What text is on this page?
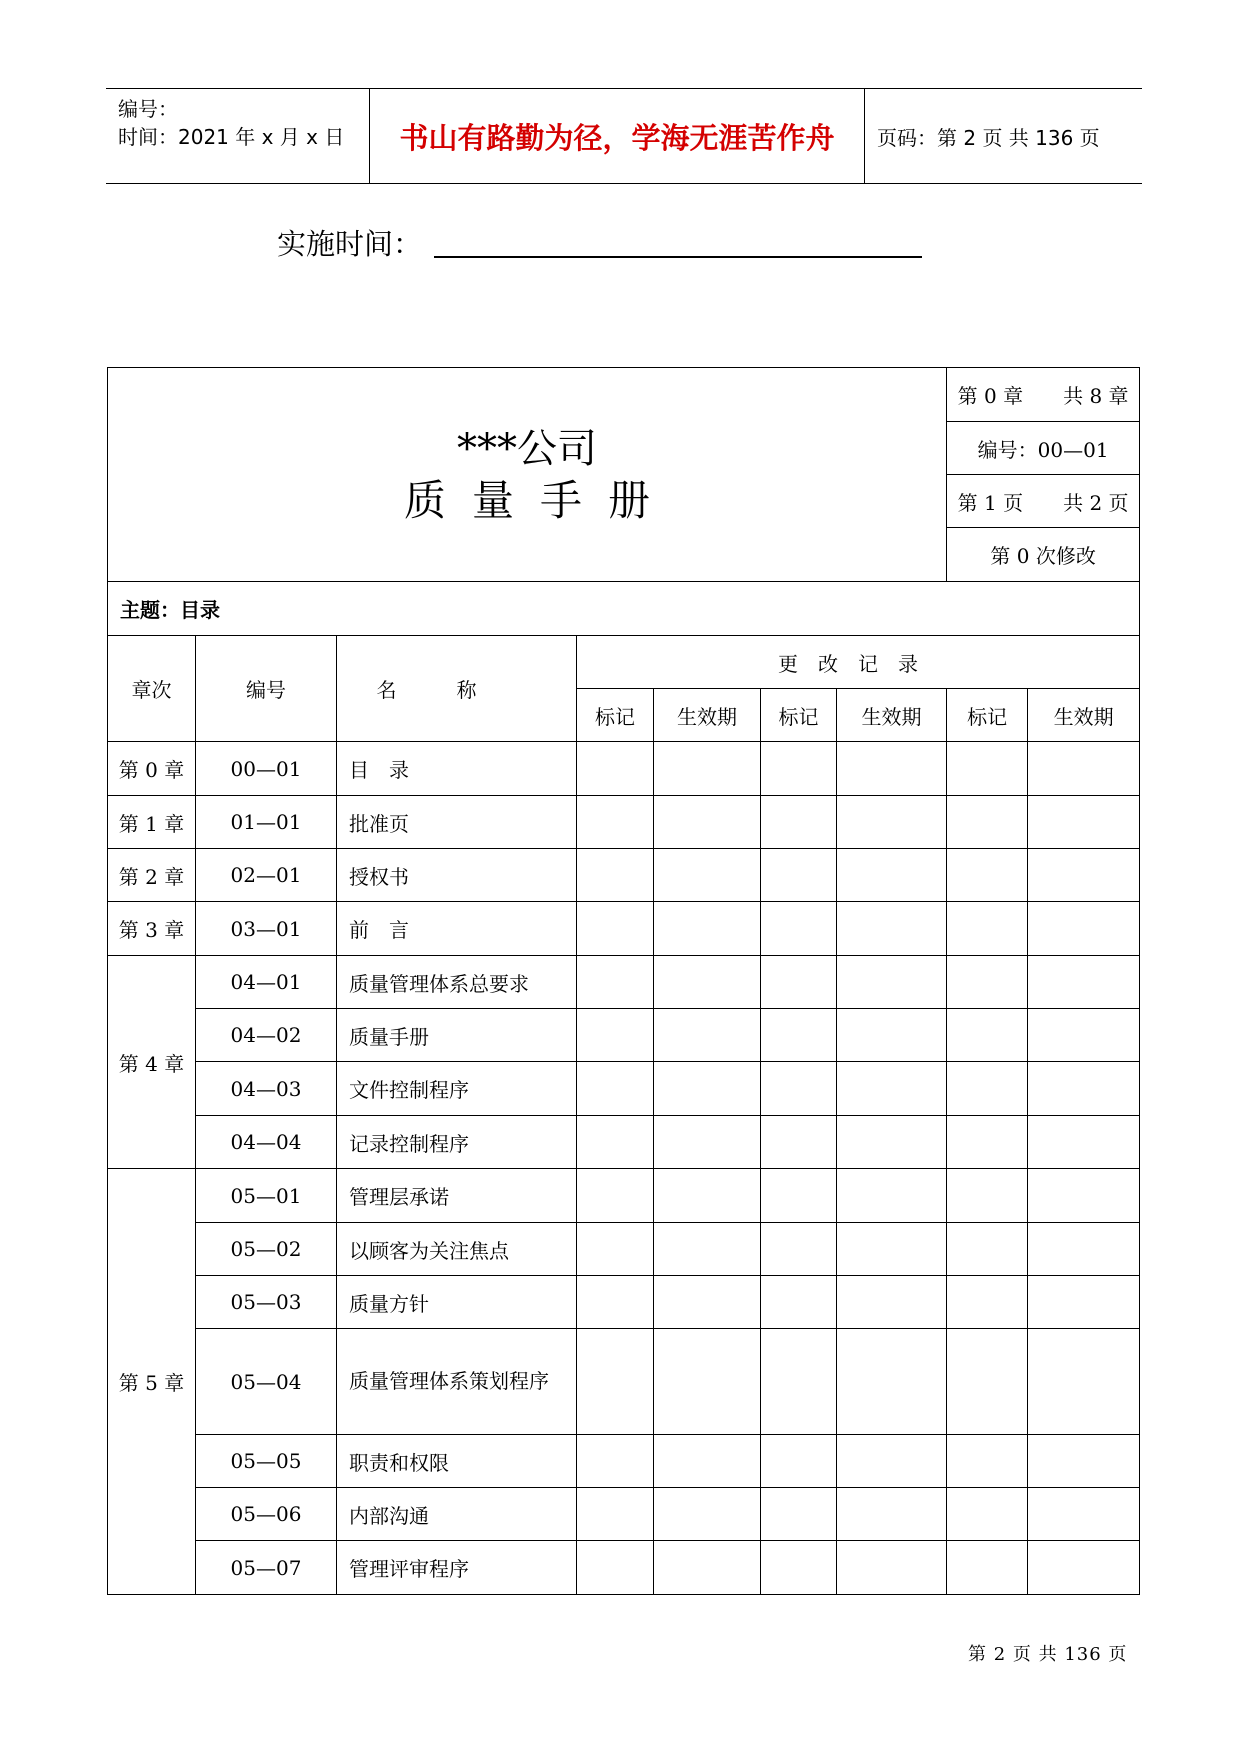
编号：
时间：2021 年 x 月 x 日 书山有路勤为径，学海无涯苦作舟	页码：第 2 页 共 136 页
实施时间：
***公司
质量手册							第 0 章　　共 8 章	
							编号：00—01	
							第 1 页　　共 2 页	
							第 0 次修改	
主题：目录								
章次	编号	名称	更改记录					
			标记	生效期	标记	生效期	标记	生效期
第 0 章	00—01	目　录						
第 1 章	01—01	批准页						
第 2 章	02—01	授权书						
第 3 章	03—01	前　言						
第 4 章	04—01	质量管理体系总要求						
	04—02	质量手册						
	04—03	文件控制程序						
	04—04	记录控制程序						
第 5 章	05—01	管理层承诺						
	05—02	以顾客为关注焦点						
	05—03	质量方针						
	05—04	质量管理体系策划程序						
	05—05	职责和权限						
	05—06	内部沟通						
	05—07	管理评审程序						
第 2 页 共 136 页
